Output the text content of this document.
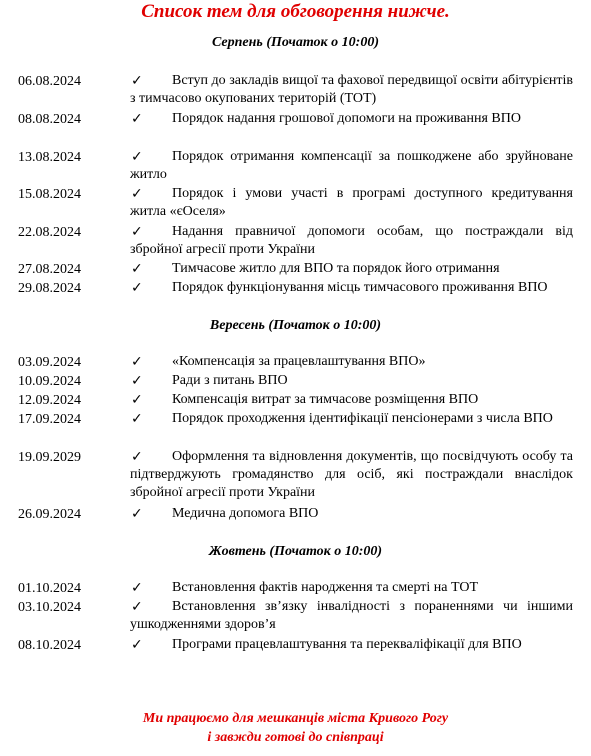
Список тем для обговорення нижче.
Серпень (Початок о 10:00)
06.08.2024	✓	Вступ до закладів вищої та фахової передвищої освіти абітурієнтів з тимчасово окупованих територій (ТОТ)
08.08.2024	✓	Порядок надання грошової допомоги на проживання ВПО
13.08.2024	✓	Порядок отримання компенсації за пошкоджене або зруйноване житло
15.08.2024	✓	Порядок і умови участі в програмі доступного кредитування житла «єОселя»
22.08.2024	✓	Надання правничої допомоги особам, що постраждали від збройної агресії проти України
27.08.2024	✓	Тимчасове житло для ВПО та порядок його отримання
29.08.2024	✓	Порядок функціонування місць тимчасового проживання ВПО
Вересень (Початок о 10:00)
03.09.2024	✓	«Компенсація за працевлаштування ВПО»
10.09.2024	✓	Ради з питань ВПО
12.09.2024	✓	Компенсація витрат за тимчасове розміщення ВПО
17.09.2024	✓	Порядок проходження ідентифікації пенсіонерами з числа ВПО
19.09.2029	✓	Оформлення та відновлення документів, що посвідчують особу та підтверджують громадянство для осіб, які постраждали внаслідок збройної агресії проти України
26.09.2024	✓	Медична допомога ВПО
Жовтень (Початок о 10:00)
01.10.2024	✓	Встановлення фактів народження та смерті на ТОТ
03.10.2024	✓	Встановлення зв’язку інвалідності з пораненнями чи іншими ушкодженнями здоров’я
08.10.2024	✓	Програми працевлаштування та перекваліфікації для ВПО
Ми працюємо для мешканців міста Кривого Рогу
і завжди готові до співпраці
